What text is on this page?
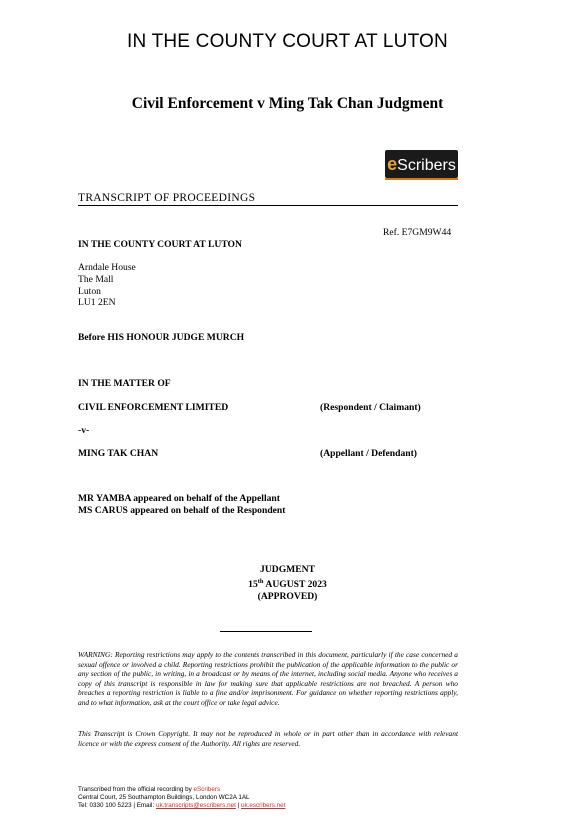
IN THE COUNTY COURT AT LUTON
Civil Enforcement v Ming Tak Chan Judgment
eScribers
TRANSCRIPT OF PROCEEDINGS
Ref. E7GM9W44
IN THE COUNTY COURT AT LUTON
Arndale House
The Mall
Luton
LU1 2EN
Before HIS HONOUR JUDGE MURCH
IN THE MATTER OF
CIVIL ENFORCEMENT LIMITED	(Respondent / Claimant)
-v-
MING TAK CHAN	(Appellant / Defendant)
MR YAMBA appeared on behalf of the Appellant
MS CARUS appeared on behalf of the Respondent
JUDGMENT
15th AUGUST 2023
(APPROVED)
WARNING: Reporting restrictions may apply to the contents transcribed in this document, particularly if the case concerned a sexual offence or involved a child. Reporting restrictions prohibit the publication of the applicable information to the public or any section of the public, in writing, in a broadcast or by means of the internet, including social media. Anyone who receives a copy of this transcript is responsible in law for making sure that applicable restrictions are not breached. A person who breaches a reporting restriction is liable to a fine and/or imprisonment. For guidance on whether reporting restrictions apply, and to what information, ask at the court office or take legal advice.
This Transcript is Crown Copyright. It may not be reproduced in whole or in part other than in accordance with relevant licence or with the express consent of the Authority. All rights are reserved.
Transcribed from the official recording by eScribers
Central Court, 25 Southampton Buildings, London WC2A 1AL
Tel: 0330 100 5223 | Email: uk.transcripts@escribers.net | uk.escribers.net
